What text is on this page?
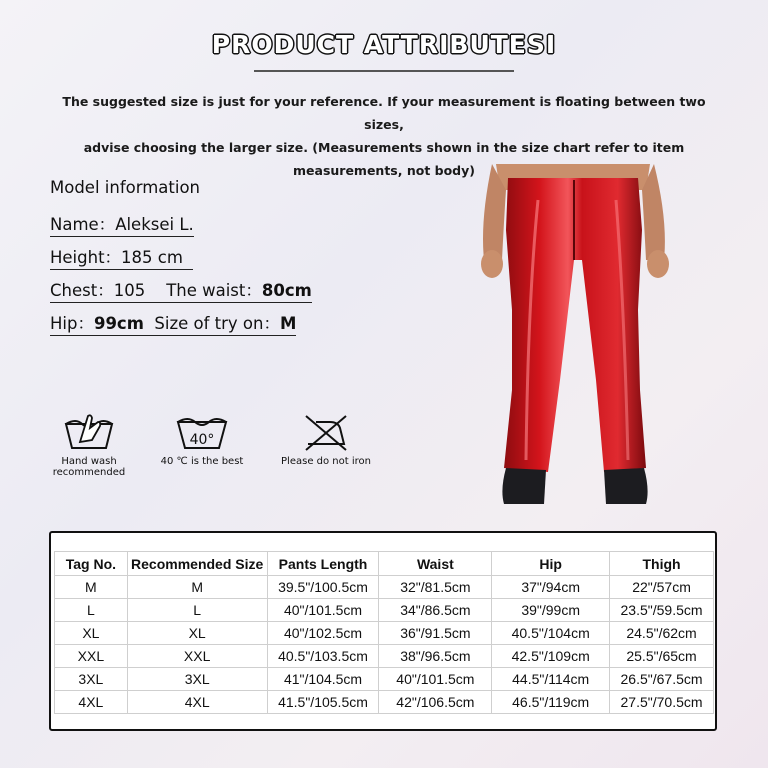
PRODUCT ATTRIBUTESI
The suggested size is just for your reference. If your measurement is floating between two sizes,
advise choosing the larger size. (Measurements shown in the size chart refer to item
measurements, not body)
Model information
Name：Aleksei L.
Height：185 cm
Chest：105 The waist：80cm
Hip：99cm Size of try on：M
Hand wash
recommended
40°
40 ℃ is the best	Please do not iron
Tag No.	Recommended Size	Pants Length	Waist	Hip	Thigh
M	M	39.5"/100.5cm	32"/81.5cm	37"/94cm	22"/57cm
L	L	40"/101.5cm	34"/86.5cm	39"/99cm	23.5"/59.5cm
XL	XL	40"/102.5cm	36"/91.5cm	40.5"/104cm	24.5"/62cm
XXL	XXL	40.5"/103.5cm	38"/96.5cm	42.5"/109cm	25.5"/65cm
3XL	3XL	41"/104.5cm	40"/101.5cm	44.5"/114cm	26.5"/67.5cm
4XL	4XL	41.5"/105.5cm	42"/106.5cm	46.5"/119cm	27.5"/70.5cm
